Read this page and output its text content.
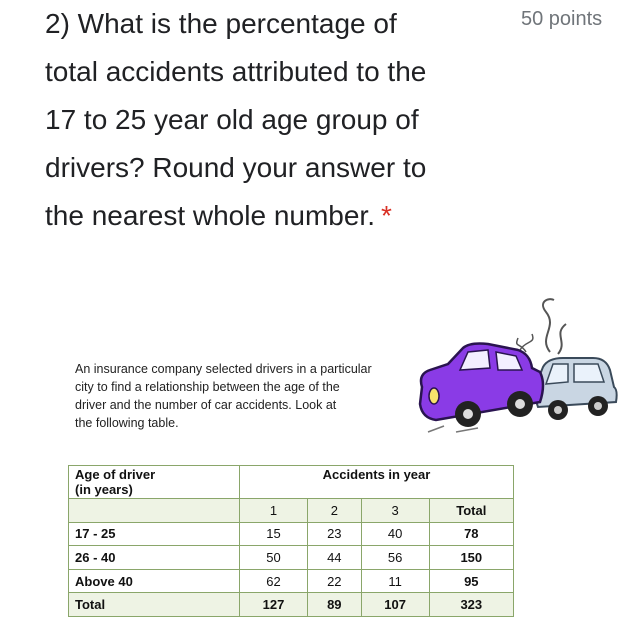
2) What is the percentage of
total accidents attributed to the
17 to 25 year old age group of
drivers? Round your answer to
the nearest whole number. *
50 points
An insurance company selected drivers in a particular
city to find a relationship between the age of the
driver and the number of car accidents. Look at
the following table.
Age of driver
(in years)	Accidents in year			
	1	2	3	Total
17 - 25	15	23	40	78
26 - 40	50	44	56	150
Above 40	62	22	11	95
Total	127	89	107	323
